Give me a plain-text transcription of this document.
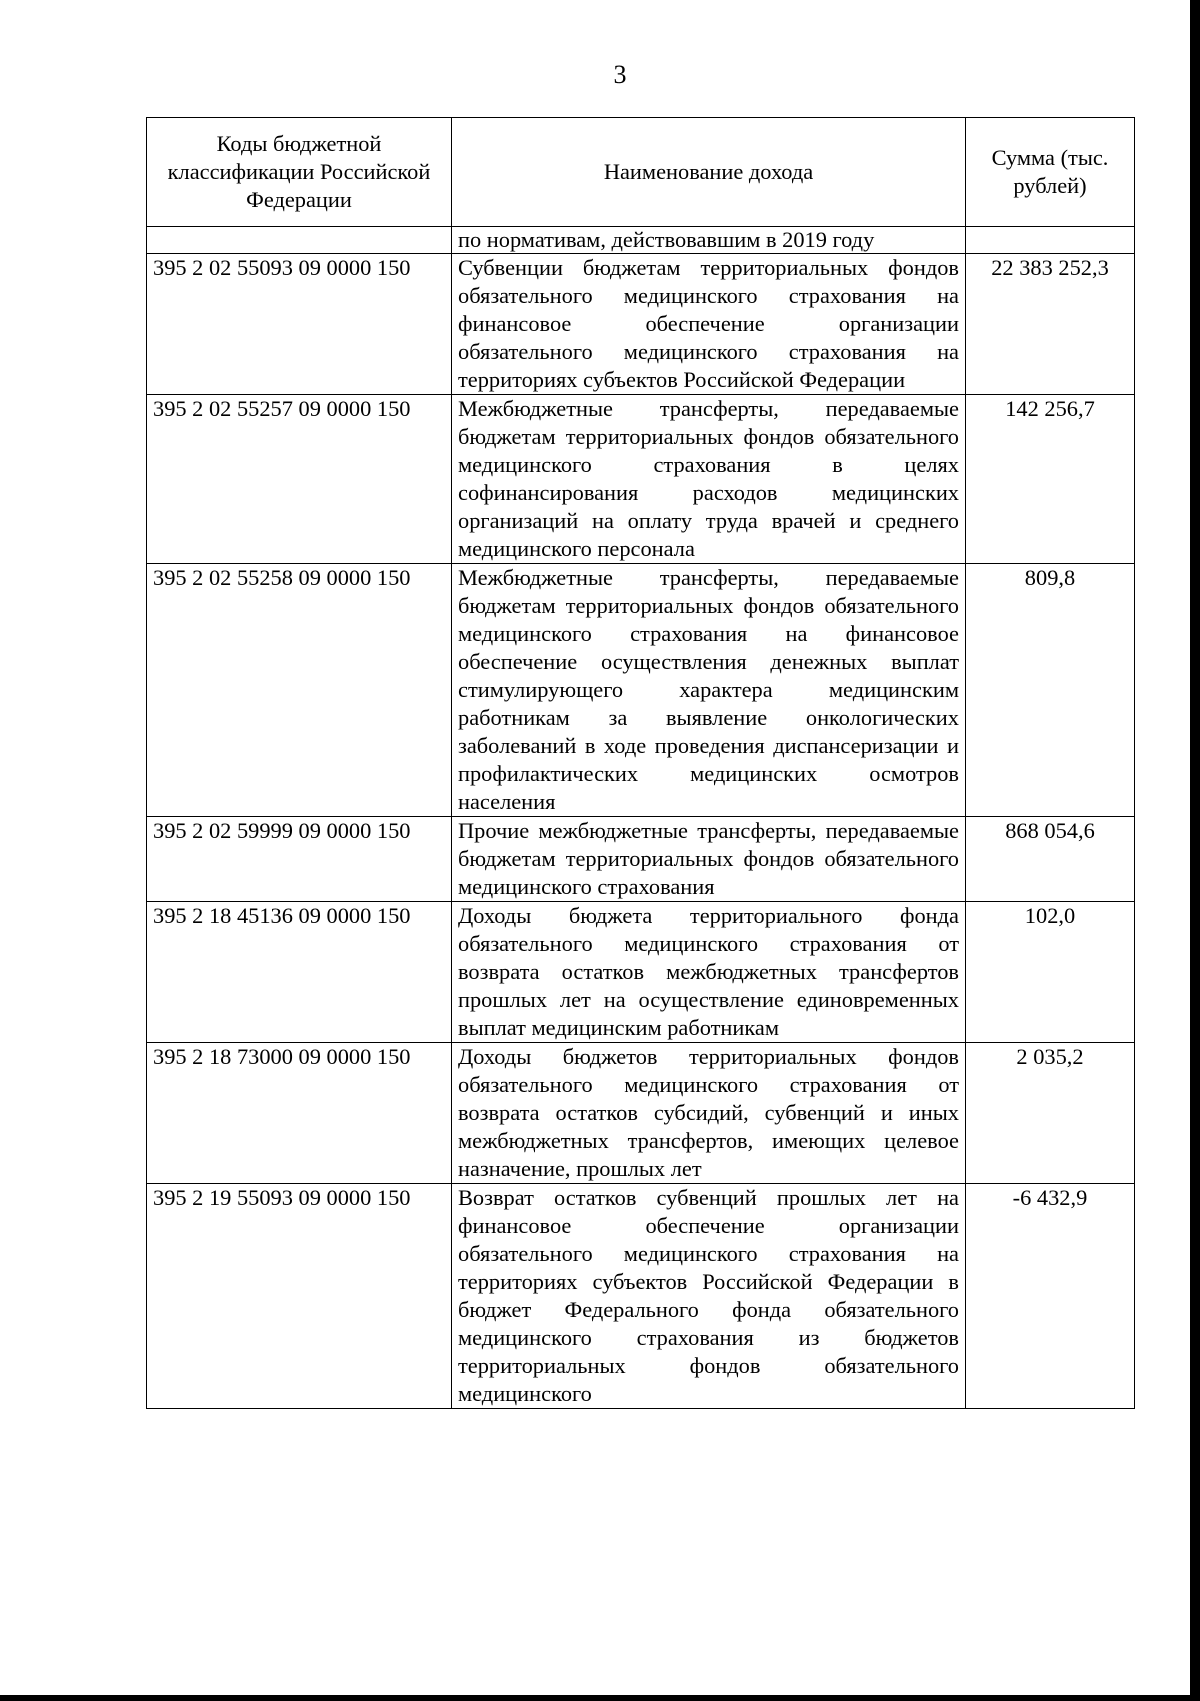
3
Коды бюджетной классификации Российской Федерации	Наименование дохода	Сумма (тыс. рублей)
	по нормативам, действовавшим в 2019 году	
395 2 02 55093 09 0000 150	Субвенции бюджетам территориальных фондов обязательного медицинского страхования на финансовое обеспечение организации обязательного медицинского страхования на территориях субъектов Российской Федерации	22 383 252,3
395 2 02 55257 09 0000 150	Межбюджетные трансферты, передаваемые бюджетам территориальных фондов обязательного медицинского страхования в целях софинансирования расходов медицинских организаций на оплату труда врачей и среднего медицинского персонала	142 256,7
395 2 02 55258 09 0000 150	Межбюджетные трансферты, передаваемые бюджетам территориальных фондов обязательного медицинского страхования на финансовое обеспечение осуществления денежных выплат стимулирующего характера медицинским работникам за выявление онкологических заболеваний в ходе проведения диспансеризации и профилактических медицинских осмотров населения	809,8
395 2 02 59999 09 0000 150	Прочие межбюджетные трансферты, передаваемые бюджетам территориальных фондов обязательного медицинского страхования	868 054,6
395 2 18 45136 09 0000 150	Доходы бюджета территориального фонда обязательного медицинского страхования от возврата остатков межбюджетных трансфертов прошлых лет на осуществление единовременных выплат медицинским работникам	102,0
395 2 18 73000 09 0000 150	Доходы бюджетов территориальных фондов обязательного медицинского страхования от возврата остатков субсидий, субвенций и иных межбюджетных трансфертов, имеющих целевое назначение, прошлых лет	2 035,2
395 2 19 55093 09 0000 150	Возврат остатков субвенций прошлых лет на финансовое обеспечение организации обязательного медицинского страхования на территориях субъектов Российской Федерации в бюджет Федерального фонда обязательного медицинского страхования из бюджетов территориальных фондов обязательного медицинского	-6 432,9
